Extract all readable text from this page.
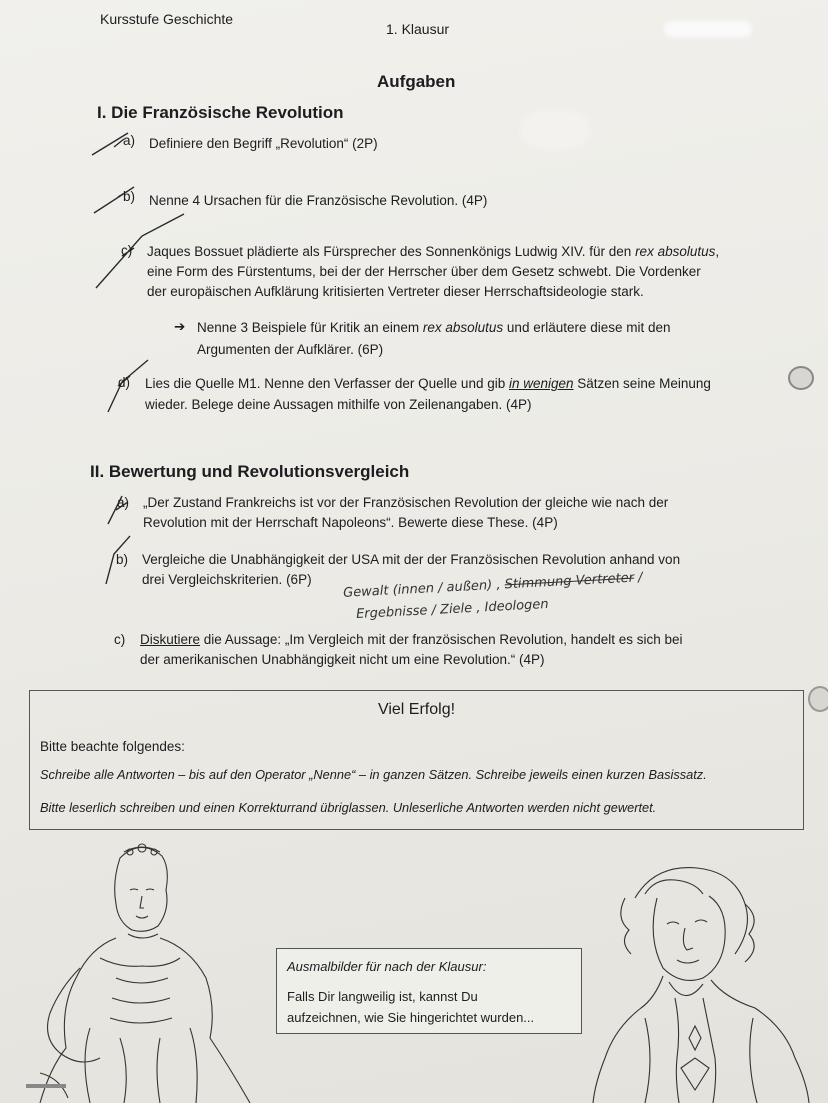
Kursstufe Geschichte
1. Klausur
Aufgaben
I. Die Französische Revolution
a) Definiere den Begriff „Revolution“ (2P)
b) Nenne 4 Ursachen für die Französische Revolution. (4P)
c) Jaques Bossuet plädierte als Fürsprecher des Sonnenkönigs Ludwig XIV. für den rex absolutus,
eine Form des Fürstentums, bei der der Herrscher über dem Gesetz schwebt. Die Vordenker
der europäischen Aufklärung kritisierten Vertreter dieser Herrschaftsideologie stark.
➔ Nenne 3 Beispiele für Kritik an einem rex absolutus und erläutere diese mit den
Argumenten der Aufklärer. (6P)
d) Lies die Quelle M1. Nenne den Verfasser der Quelle und gib in wenigen Sätzen seine Meinung
wieder. Belege deine Aussagen mithilfe von Zeilenangaben. (4P)
II. Bewertung und Revolutionsvergleich
a) „Der Zustand Frankreichs ist vor der Französischen Revolution der gleiche wie nach der
Revolution mit der Herrschaft Napoleons“. Bewerte diese These. (4P)
b) Vergleiche die Unabhängigkeit der USA mit der der Französischen Revolution anhand von
drei Vergleichskriterien. (6P) Gewalt (innen / außen) , Stimmung Vertreter /
Ergebnisse / Ziele , Ideologen
c) Diskutiere die Aussage: „Im Vergleich mit der französischen Revolution, handelt es sich bei
der amerikanischen Unabhängigkeit nicht um eine Revolution.“ (4P)
Viel Erfolg!
Bitte beachte folgendes:
Schreibe alle Antworten – bis auf den Operator „Nenne“ – in ganzen Sätzen. Schreibe jeweils einen kurzen Basissatz.
Bitte leserlich schreiben und einen Korrekturrand übriglassen. Unleserliche Antworten werden nicht gewertet.
Ausmalbilder für nach der Klausur:
Falls Dir langweilig ist, kannst Du
aufzeichnen, wie Sie hingerichtet wurden...
